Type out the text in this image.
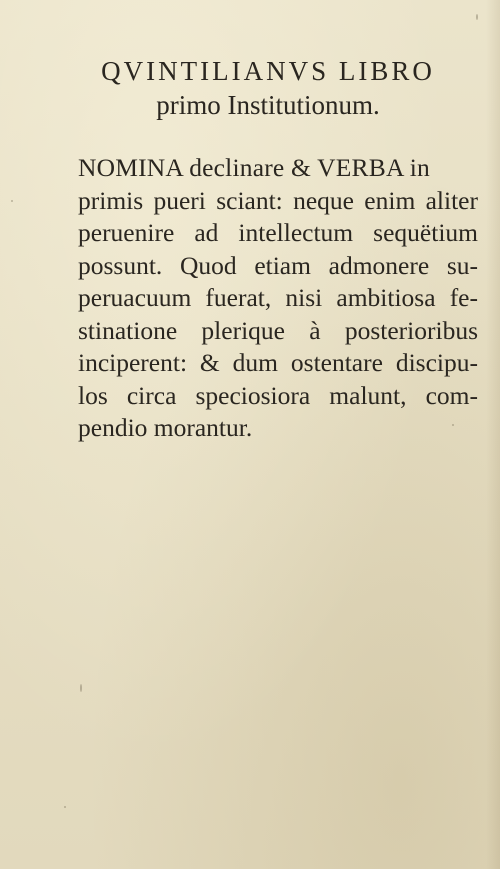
QVINTILIANVS LIBRO
primo Institutionum.
NOMINA declinare & VERBA in
primis pueri sciant: neque enim aliter
peruenire ad intellectum sequëtium
possunt. Quod etiam admonere su-
peruacuum fuerat, nisi ambitiosa fe-
stinatione plerique à posterioribus
inciperent: & dum ostentare discipu-
los circa speciosiora malunt, com-
pendio morantur.
